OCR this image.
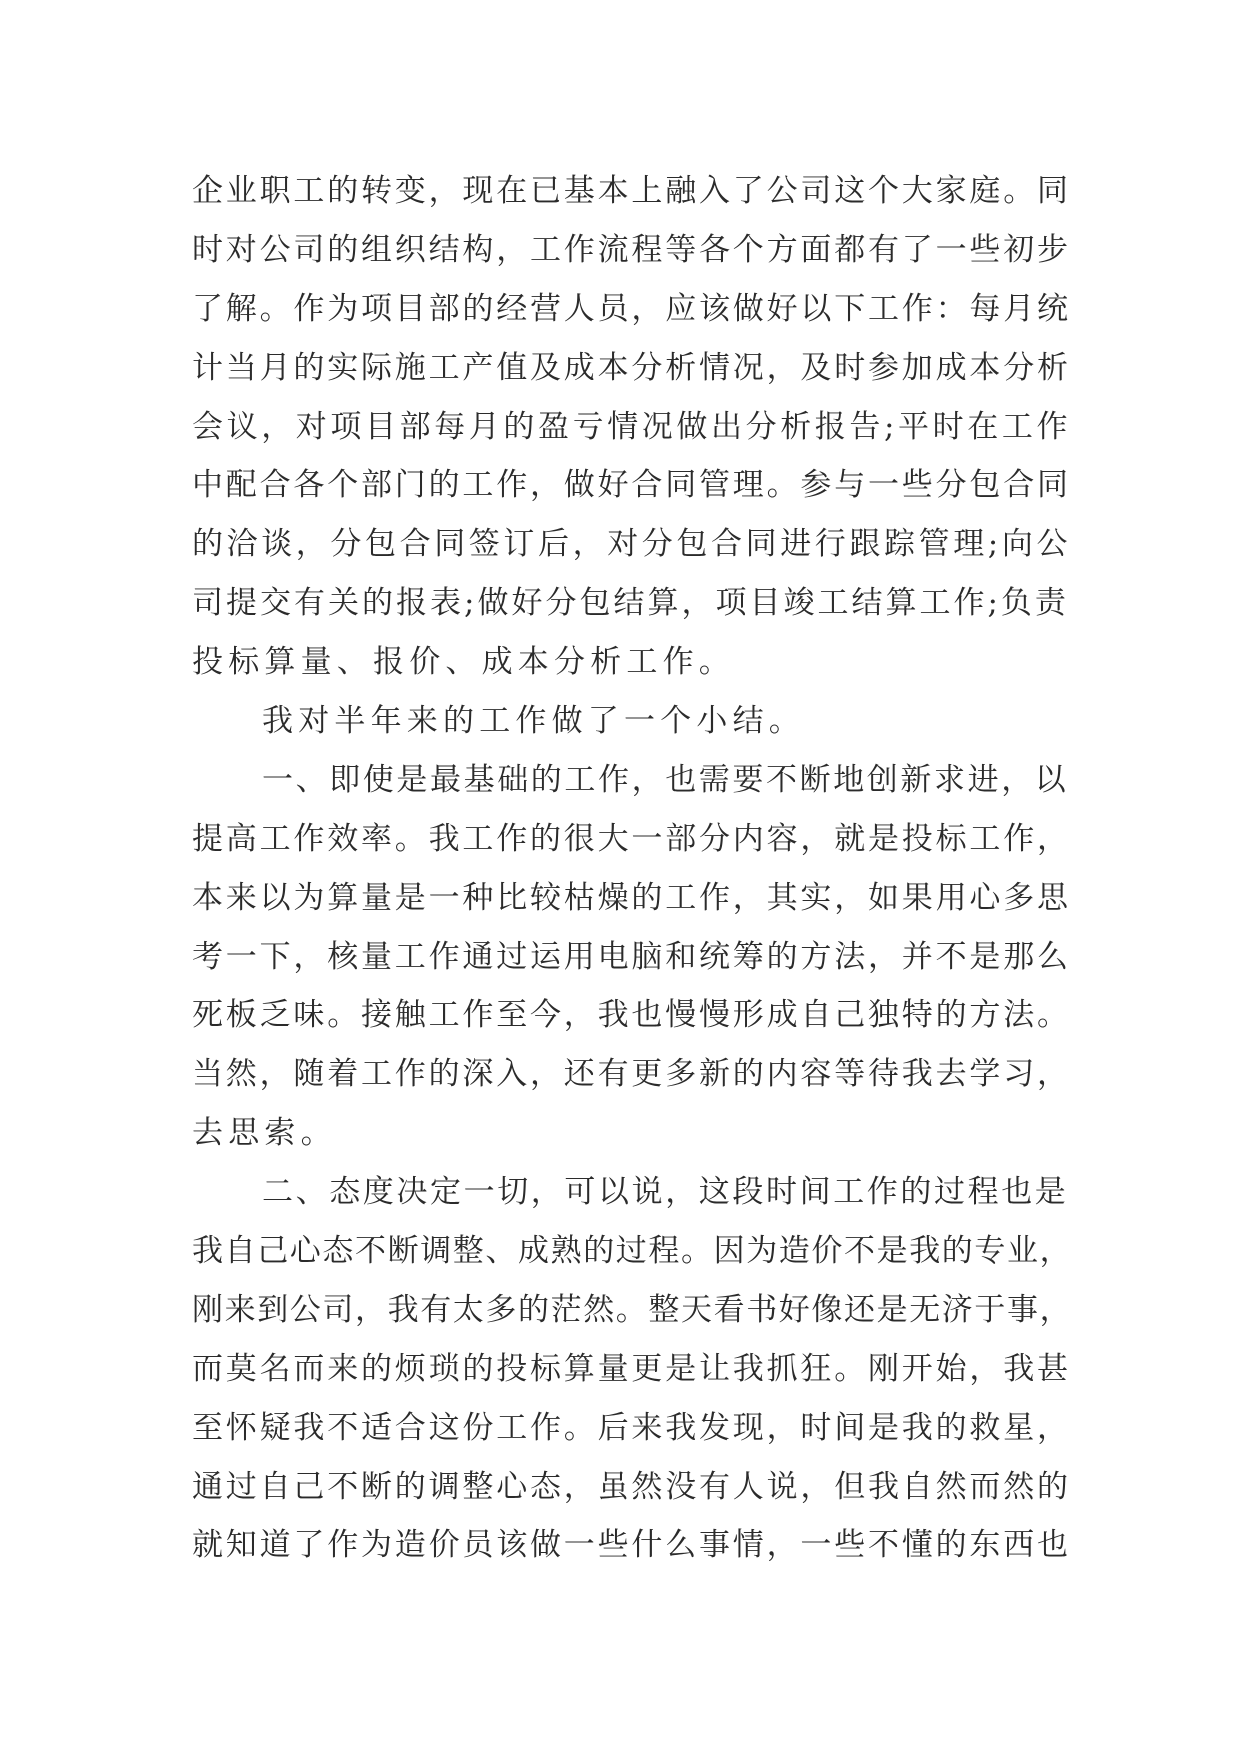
企业职工的转变，现在已基本上融入了公司这个大家庭。同
时对公司的组织结构，工作流程等各个方面都有了一些初步
了解。作为项目部的经营人员，应该做好以下工作：每月统
计当月的实际施工产值及成本分析情况，及时参加成本分析
会议，对项目部每月的盈亏情况做出分析报告;平时在工作
中配合各个部门的工作，做好合同管理。参与一些分包合同
的洽谈，分包合同签订后，对分包合同进行跟踪管理;向公
司提交有关的报表;做好分包结算，项目竣工结算工作;负责
投标算量、报价、成本分析工作。
我对半年来的工作做了一个小结。
一、即使是最基础的工作，也需要不断地创新求进，以
提高工作效率。我工作的很大一部分内容，就是投标工作，
本来以为算量是一种比较枯燥的工作，其实，如果用心多思
考一下，核量工作通过运用电脑和统筹的方法，并不是那么
死板乏味。接触工作至今，我也慢慢形成自己独特的方法。
当然，随着工作的深入，还有更多新的内容等待我去学习，
去思索。
二、态度决定一切，可以说，这段时间工作的过程也是
我自己心态不断调整、成熟的过程。因为造价不是我的专业，
刚来到公司，我有太多的茫然。整天看书好像还是无济于事，
而莫名而来的烦琐的投标算量更是让我抓狂。刚开始，我甚
至怀疑我不适合这份工作。后来我发现，时间是我的救星，
通过自己不断的调整心态，虽然没有人说，但我自然而然的
就知道了作为造价员该做一些什么事情，一些不懂的东西也
